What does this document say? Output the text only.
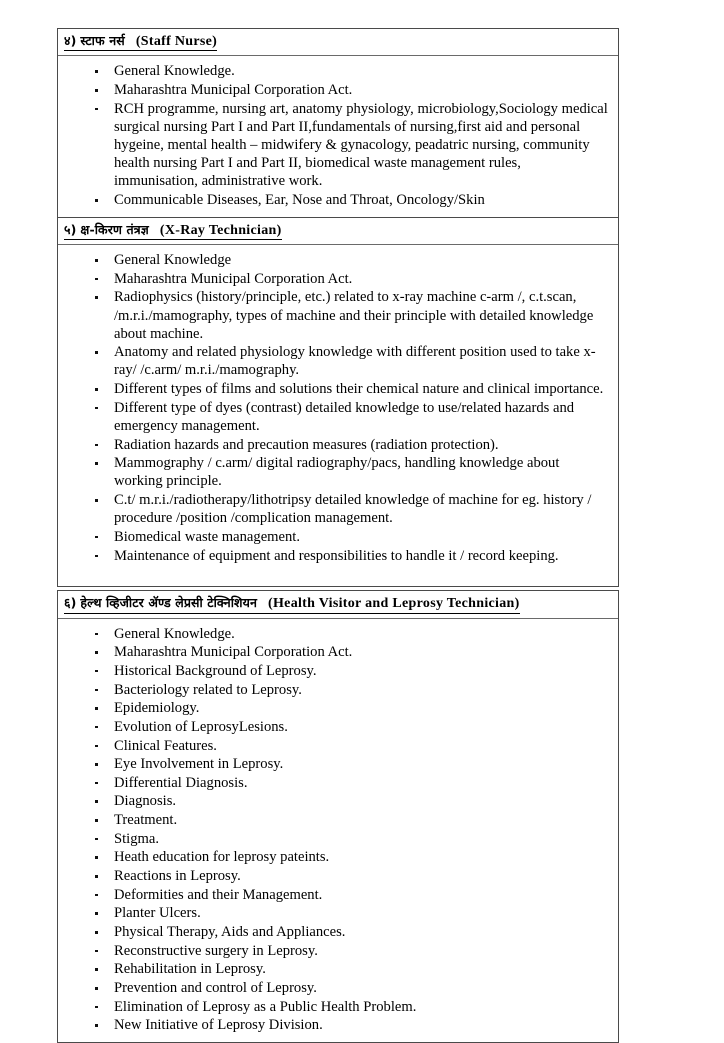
४) स्टाफ नर्स (Staff Nurse)
General Knowledge.
Maharashtra Municipal Corporation Act.
RCH programme, nursing art, anatomy physiology, microbiology,Sociology medical surgical nursing Part I and Part II,fundamentals of nursing,first aid and personal hygeine, mental health – midwifery & gynacology, peadatric nursing, community health nursing Part I and Part II, biomedical waste management rules, immunisation, administrative work.
Communicable Diseases, Ear, Nose and Throat, Oncology/Skin
५) क्ष-किरण तंत्रज्ञ (X-Ray Technician)
General Knowledge
Maharashtra Municipal Corporation Act.
Radiophysics (history/principle, etc.) related to x-ray machine c-arm /, c.t.scan, /m.r.i./mamography, types of machine and their principle with detailed knowledge about machine.
Anatomy and related physiology knowledge with different position used to take x-ray/ /c.arm/ m.r.i./mamography.
Different types of films and solutions their chemical nature and clinical importance.
Different type of dyes (contrast) detailed knowledge to use/related hazards and emergency management.
Radiation hazards and precaution measures (radiation protection).
Mammography / c.arm/ digital radiography/pacs, handling knowledge about working principle.
C.t/ m.r.i./radiotherapy/lithotripsy detailed knowledge of machine for eg. history / procedure /position /complication management.
Biomedical waste management.
Maintenance of equipment and responsibilities to handle it / record keeping.
६) हेल्थ व्हिजीटर ॲण्ड लेप्रसी टेक्निशियन (Health Visitor and Leprosy Technician)
General Knowledge.
Maharashtra Municipal Corporation Act.
Historical Background of Leprosy.
Bacteriology related to Leprosy.
Epidemiology.
Evolution of LeprosyLesions.
Clinical Features.
Eye Involvement in Leprosy.
Differential Diagnosis.
Diagnosis.
Treatment.
Stigma.
Heath education for leprosy pateints.
Reactions in Leprosy.
Deformities and their Management.
Planter Ulcers.
Physical Therapy, Aids and Appliances.
Reconstructive surgery in Leprosy.
Rehabilitation in Leprosy.
Prevention and control of Leprosy.
Elimination of Leprosy as a Public Health Problem.
New Initiative of Leprosy Division.
